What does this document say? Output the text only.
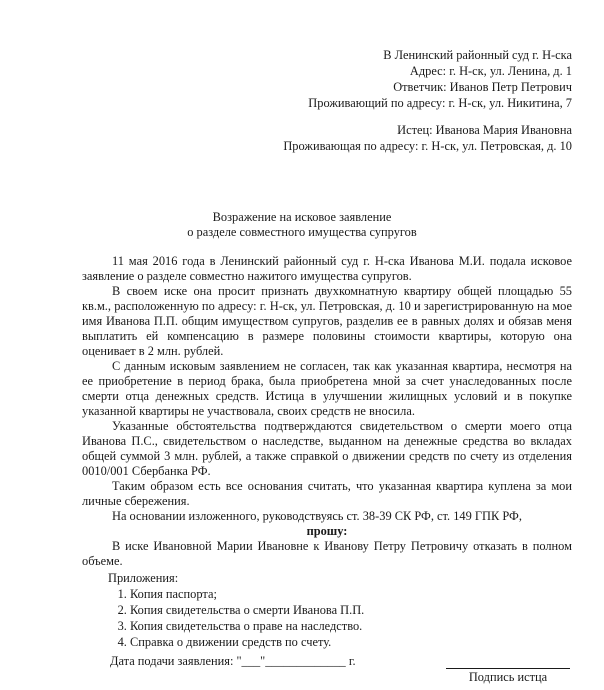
В Ленинский районный суд г. Н-ска
Адрес: г. Н-ск, ул. Ленина, д. 1
Ответчик: Иванов Петр Петрович
Проживающий по адресу: г. Н-ск, ул. Никитина, 7
Истец: Иванова Мария Ивановна
Проживающая по адресу: г. Н-ск, ул. Петровская, д. 10
Возражение на исковое заявление
о разделе совместного имущества супругов

11 мая 2016 года в Ленинский районный суд г. Н-ска Иванова М.И. подала исковое заявление о разделе совместно нажитого имущества супругов.

В своем иске она просит признать двухкомнатную квартиру общей площадью 55 кв.м., расположенную по адресу: г. Н-ск, ул. Петровская, д. 10 и зарегистрированную на мое имя Иванова П.П. общим имуществом супругов, разделив ее в равных долях и обязав меня выплатить ей компенсацию в размере половины стоимости квартиры, которую она оценивает в 2 млн. рублей.

С данным исковым заявлением не согласен, так как указанная квартира, несмотря на ее приобретение в период брака, была приобретена мной за счет унаследованных после смерти отца денежных средств. Истица в улучшении жилищных условий и в покупке указанной квартиры не участвовала, своих средств не вносила.

Указанные обстоятельства подтверждаются свидетельством о смерти моего отца Иванова П.С., свидетельством о наследстве, выданном на денежные средства во вкладах общей суммой 3 млн. рублей, а также справкой о движении средств по счету из отделения 0010/001 Сбербанка РФ.

Таким образом есть все основания считать, что указанная квартира куплена за мои личные сбережения.

На основании изложенного, руководствуясь ст. 38-39 СК РФ, ст. 149 ГПК РФ,

прошу:

В иске Ивановной Марии Ивановне к Иванову Петру Петровичу отказать в полном объеме.

Приложения:
1. Копия паспорта;
2. Копия свидетельства о смерти Иванова П.П.
3. Копия свидетельства о праве на наследство.
4. Справка о движении средств по счету.
Дата подачи заявления: "___"_____________ г.
Подпись истца
